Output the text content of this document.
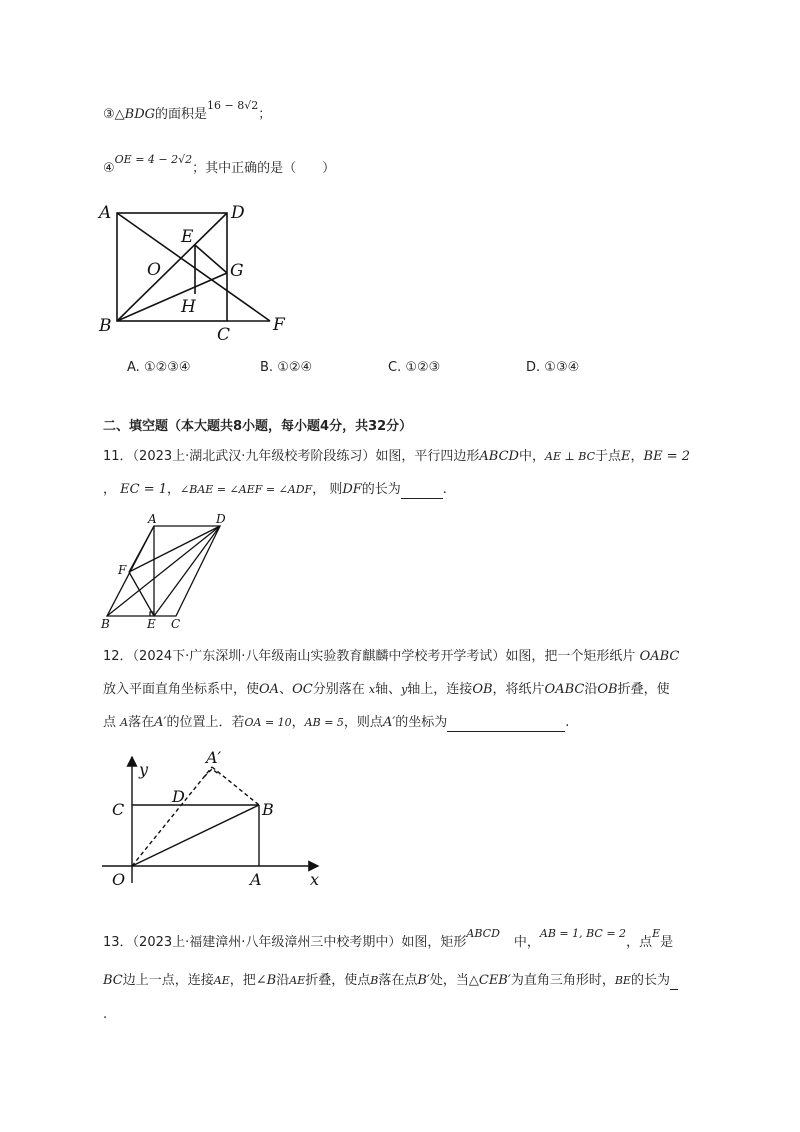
③△BDG的面积是$^{16 - 8√2}$；
④$^{OE = 4 - 2√2}$；其中正确的是（　　）
A	D
E
O	G
H
B	C	F
A. ①②③④	B. ①②④	C. ①②③	D. ①③④
二、填空题（本大题共8小题，每小题4分，共32分）
11．（2023上·湖北武汉·九年级校考阶段练习）如图，平行四边形ABCD中，AE ⊥ BC于点E，BE = 2
， EC = 1，∠BAE = ∠AEF = ∠ADF， 则DF的长为	.
A	D
F
B	E C
12．（2024下·广东深圳·八年级南山实验教育麒麟中学校考开学考试）如图，把一个矩形纸片 OABC
放入平面直角坐标系中，使OA、OC分别落在 x轴、y轴上，连接OB，将纸片OABC沿OB折叠，使
点 A落在A′的位置上．若OA = 10，AB = 5，则点A′的坐标为	.
A′
y
C
D
B
O	A	x
13．（2023上·福建漳州·八年级漳州三中校考期中）如图，矩形$^{ABCD}$中，$^{AB = 1, BC = 2}$，点$^E$是
BC边上一点，连接AE，把∠B沿AE折叠，使点B落在点B′处，当△CEB′为直角三角形时，BE的长为
.
